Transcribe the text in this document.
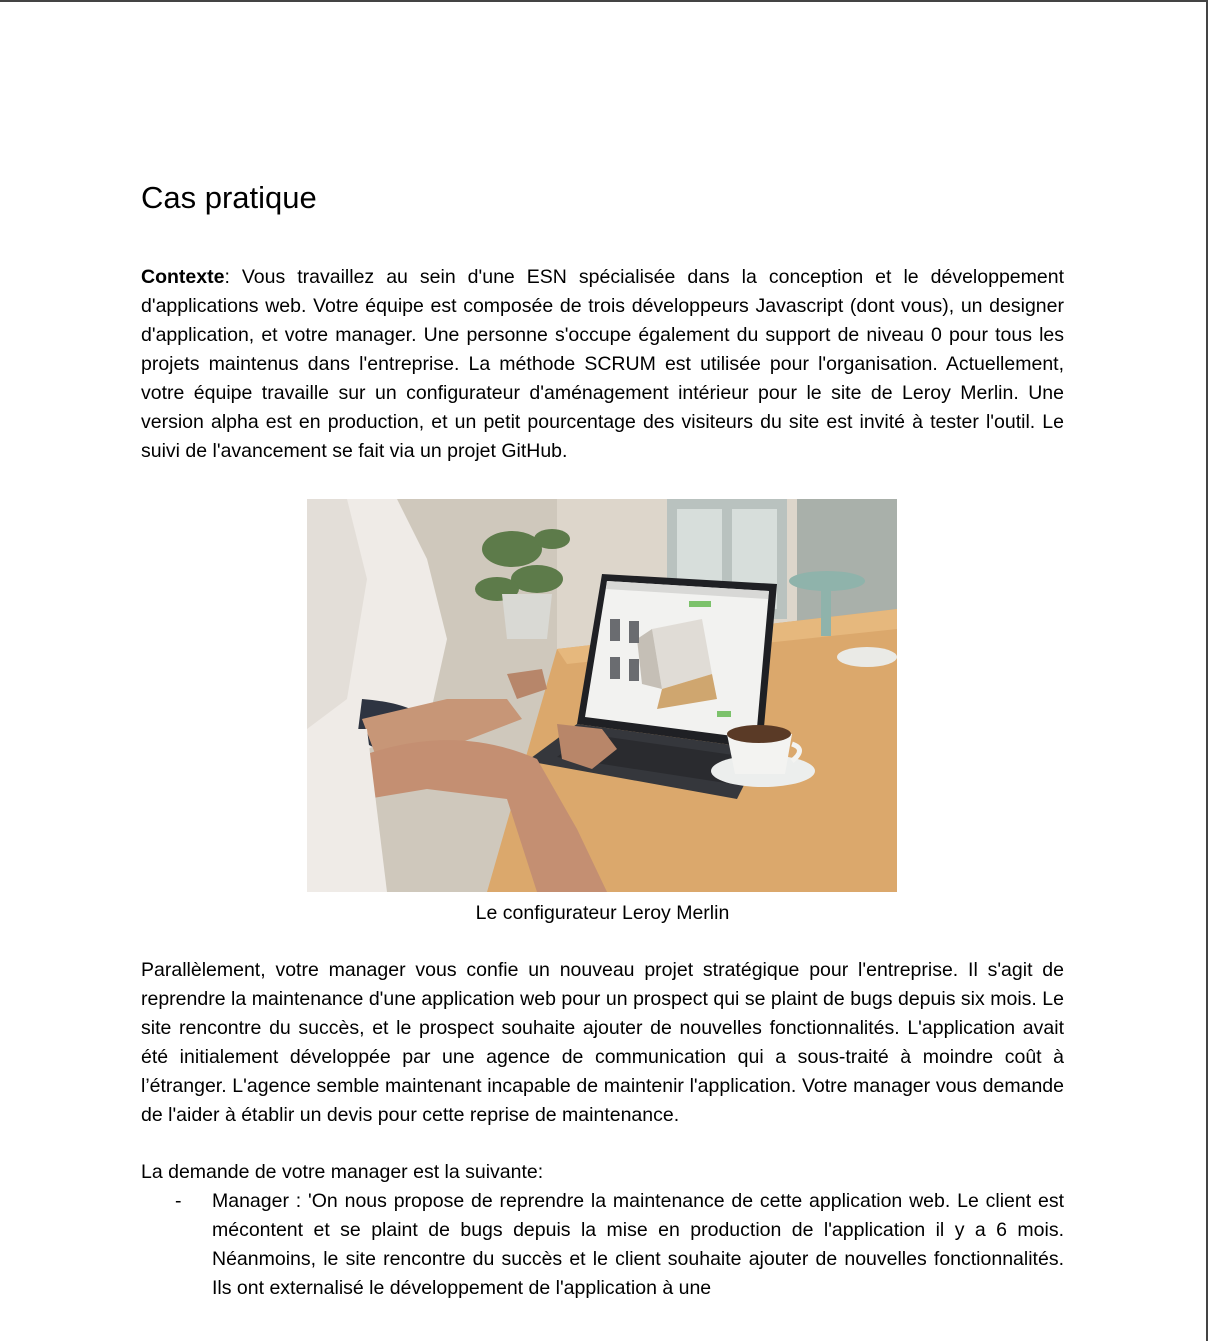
Cas pratique

Contexte: Vous travaillez au sein d'une ESN spécialisée dans la conception et le développement d'applications web. Votre équipe est composée de trois développeurs Javascript (dont vous), un designer d'application, et votre manager. Une personne s'occupe également du support de niveau 0 pour tous les projets maintenus dans l'entreprise. La méthode SCRUM est utilisée pour l'organisation. Actuellement, votre équipe travaille sur un configurateur d'aménagement intérieur pour le site de Leroy Merlin. Une version alpha est en production, et un petit pourcentage des visiteurs du site est invité à tester l'outil. Le suivi de l'avancement se fait via un projet GitHub.

Le configurateur Leroy Merlin

Parallèlement, votre manager vous confie un nouveau projet stratégique pour l'entreprise. Il s'agit de reprendre la maintenance d'une application web pour un prospect qui se plaint de bugs depuis six mois. Le site rencontre du succès, et le prospect souhaite ajouter de nouvelles fonctionnalités. L'application avait été initialement développée par une agence de communication qui a sous-traité à moindre coût à l’étranger. L'agence semble maintenant incapable de maintenir l'application. Votre manager vous demande de l'aider à établir un devis pour cette reprise de maintenance.

La demande de votre manager est la suivante:

- Manager : 'On nous propose de reprendre la maintenance de cette application web. Le client est mécontent et se plaint de bugs depuis la mise en production de l'application il y a 6 mois. Néanmoins, le site rencontre du succès et le client souhaite ajouter de nouvelles fonctionnalités. Ils ont externalisé le développement de l'application à une
